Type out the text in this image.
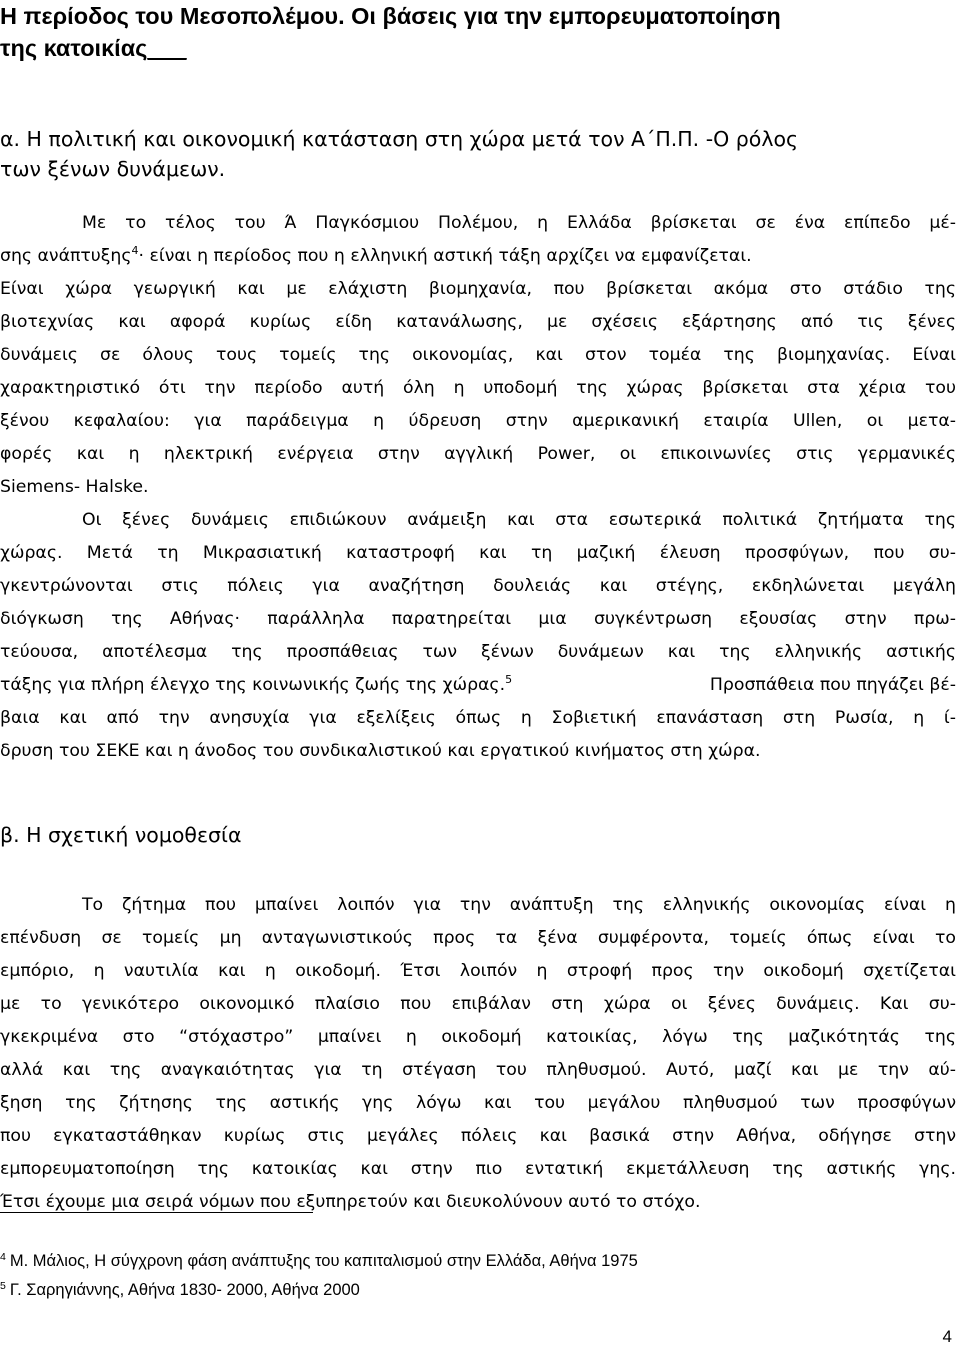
Η περίοδος του Μεσοπολέμου. Οι βάσεις για την εμπορευματοποίηση
της κατοικίας___
α. Η πολιτική και οικονομική κατάσταση στη χώρα μετά τον Α΄Π.Π. -Ο ρόλος
των ξένων δυνάμεων.

Με το τέλος του Ά Παγκόσμιου Πολέμου, η Ελλάδα βρίσκεται σε ένα επίπεδο μέ-

σης ανάπτυξης$^4$· είναι η περίοδος που η ελληνική αστική τάξη αρχίζει να εμφανίζεται.

Είναι χώρα γεωργική και με ελάχιστη βιομηχανία, που βρίσκεται ακόμα στο στάδιο της

βιοτεχνίας και αφορά κυρίως είδη κατανάλωσης, με σχέσεις εξάρτησης από τις ξένες

δυνάμεις σε όλους τους τομείς της οικονομίας, και στον τομέα της βιομηχανίας. Είναι

χαρακτηριστικό ότι την περίοδο αυτή όλη η υποδομή της χώρας βρίσκεται στα χέρια του

ξένου κεφαλαίου: για παράδειγμα η ύδρευση στην αμερικανική εταιρία Ullen, οι μετα-

φορές και η ηλεκτρική ενέργεια στην αγγλική Power, οι επικοινωνίες στις γερμανικές

Siemens- Halske.

Οι ξένες δυνάμεις επιδιώκουν ανάμειξη και στα εσωτερικά πολιτικά ζητήματα της

χώρας. Μετά τη Μικρασιατική καταστροφή και τη μαζική έλευση προσφύγων, που συ-

γκεντρώνονται στις πόλεις για αναζήτηση δουλειάς και στέγης, εκδηλώνεται μεγάλη

διόγκωση της Αθήνας· παράλληλα παρατηρείται μια συγκέντρωση εξουσίας στην πρω-

τεύουσα, αποτέλεσμα της προσπάθειας των ξένων δυνάμεων και της ελληνικής αστικής

τάξης για πλήρη έλεγχο της κοινωνικής ζωής της χώρας.$^5$	Προσπάθεια που πηγάζει βέ-

βαια και από την ανησυχία για εξελίξεις όπως η Σοβιετική επανάσταση στη Ρωσία, η ί-

δρυση του ΣΕΚΕ και η άνοδος του συνδικαλιστικού και εργατικού κινήματος στη χώρα.

β. Η σχετική νομοθεσία

Το ζήτημα που μπαίνει λοιπόν για την ανάπτυξη της ελληνικής οικονομίας είναι η

επένδυση σε τομείς μη ανταγωνιστικούς προς τα ξένα συμφέροντα, τομείς όπως είναι το

εμπόριο, η ναυτιλία και η οικοδομή. Έτσι λοιπόν η στροφή προς την οικοδομή σχετίζεται

με το γενικότερο οικονομικό πλαίσιο που επιβάλαν στη χώρα οι ξένες δυνάμεις. Και συ-

γκεκριμένα στο “στόχαστρο” μπαίνει η οικοδομή κατοικίας, λόγω της μαζικότητάς της

αλλά και της αναγκαιότητας για τη στέγαση του πληθυσμού. Αυτό, μαζί και με την αύ-

ξηση της ζήτησης της αστικής γης λόγω και του μεγάλου πληθυσμού των προσφύγων

που εγκαταστάθηκαν κυρίως στις μεγάλες πόλεις και βασικά στην Αθήνα, οδήγησε στην

εμπορευματοποίηση της κατοικίας και στην πιο εντατική εκμετάλλευση της αστικής γης.

Έτσι έχουμε μια σειρά νόμων που εξυπηρετούν και διευκολύνουν αυτό το στόχο.

$^4$ Μ. Μάλιος, Η σύγχρονη φάση ανάπτυξης του καπιταλισμού στην Ελλάδα, Αθήνα 1975

$^5$ Γ. Σαρηγιάννης, Αθήνα 1830- 2000, Αθήνα 2000

4
